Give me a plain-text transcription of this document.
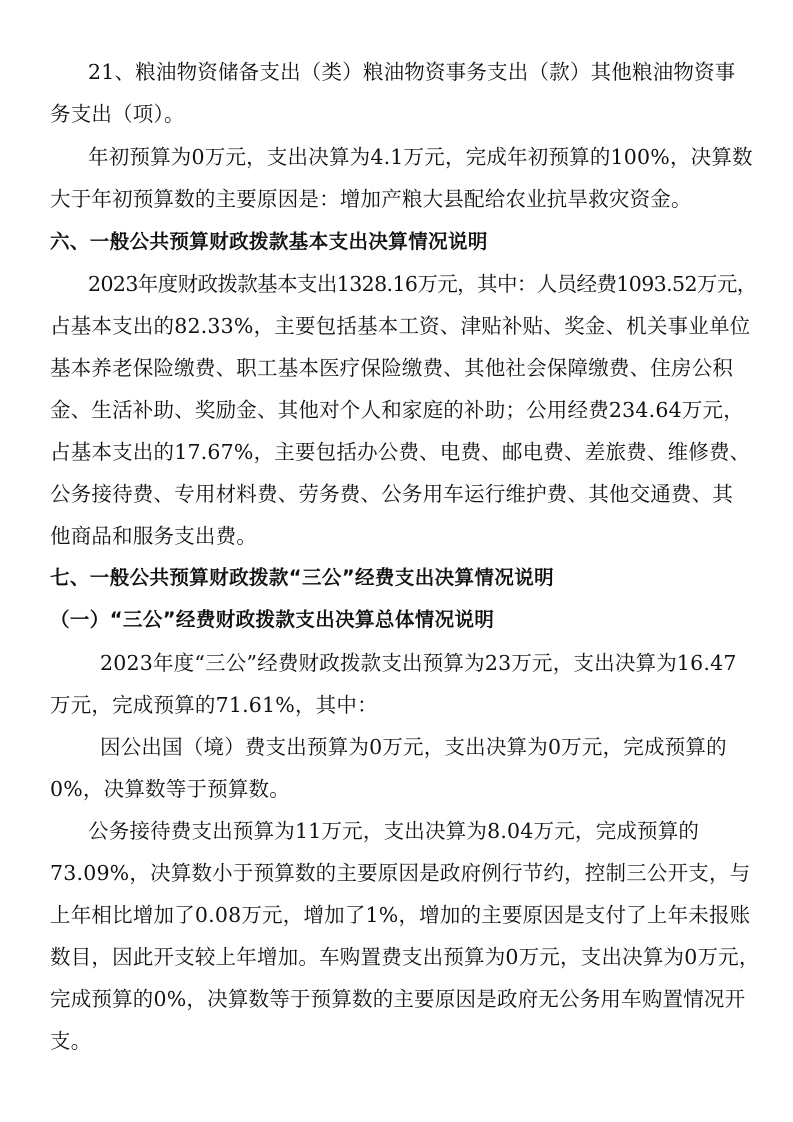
21、粮油物资储备支出（类）粮油物资事务支出（款）其他粮油物资事
务支出（项）。
年初预算为0万元，支出决算为4.1万元，完成年初预算的100%，决算数
大于年初预算数的主要原因是：增加产粮大县配给农业抗旱救灾资金。
六、一般公共预算财政拨款基本支出决算情况说明
2023年度财政拨款基本支出1328.16万元，其中：人员经费1093.52万元，
占基本支出的82.33%，主要包括基本工资、津贴补贴、奖金、机关事业单位
基本养老保险缴费、职工基本医疗保险缴费、其他社会保障缴费、住房公积
金、生活补助、奖励金、其他对个人和家庭的补助；公用经费234.64万元，
占基本支出的17.67%，主要包括办公费、电费、邮电费、差旅费、维修费、
公务接待费、专用材料费、劳务费、公务用车运行维护费、其他交通费、其
他商品和服务支出费。
七、一般公共预算财政拨款“三公”经费支出决算情况说明
（一）“三公”经费财政拨款支出决算总体情况说明
2023年度“三公”经费财政拨款支出预算为23万元，支出决算为16.47
万元，完成预算的71.61%，其中：
因公出国（境）费支出预算为0万元，支出决算为0万元，完成预算的
0%，决算数等于预算数。
公务接待费支出预算为11万元，支出决算为8.04万元，完成预算的
73.09%，决算数小于预算数的主要原因是政府例行节约，控制三公开支，与
上年相比增加了0.08万元，增加了1%，增加的主要原因是支付了上年未报账
数目，因此开支较上年增加。车购置费支出预算为0万元，支出决算为0万元，
完成预算的0%，决算数等于预算数的主要原因是政府无公务用车购置情况开
支。
